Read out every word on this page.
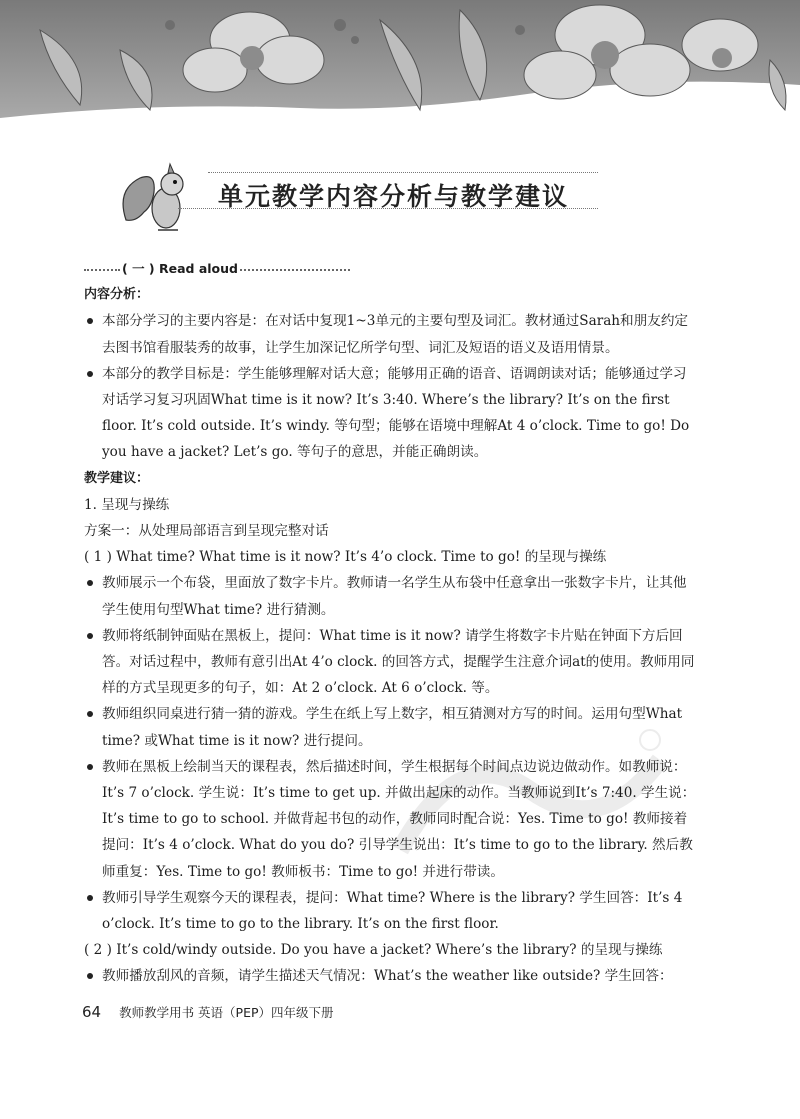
单元教学内容分析与教学建议
( 一 ) Read aloud
内容分析：
本部分学习的主要内容是：在对话中复现1~3单元的主要句型及词汇。教材通过Sarah和朋友约定去图书馆看服装秀的故事，让学生加深记忆所学句型、词汇及短语的语义及语用情景。
本部分的教学目标是：学生能够理解对话大意；能够用正确的语音、语调朗读对话；能够通过学习对话学习复习巩固What time is it now? It’s 3:40. Where’s the library? It’s on the first floor. It’s cold outside. It’s windy. 等句型；能够在语境中理解At 4 o’clock. Time to go! Do you have a jacket? Let’s go. 等句子的意思，并能正确朗读。
教学建议：
1. 呈现与操练
方案一：从处理局部语言到呈现完整对话
( 1 ) What time? What time is it now? It’s 4’o clock. Time to go! 的呈现与操练
教师展示一个布袋，里面放了数字卡片。教师请一名学生从布袋中任意拿出一张数字卡片，让其他学生使用句型What time? 进行猜测。
教师将纸制钟面贴在黑板上，提问：What time is it now? 请学生将数字卡片贴在钟面下方后回答。对话过程中，教师有意引出At 4’o clock. 的回答方式，提醒学生注意介词at的使用。教师用同样的方式呈现更多的句子，如：At 2 o’clock. At 6 o’clock. 等。
教师组织同桌进行猜一猜的游戏。学生在纸上写上数字，相互猜测对方写的时间。运用句型What time? 或What time is it now? 进行提问。
教师在黑板上绘制当天的课程表，然后描述时间，学生根据每个时间点边说边做动作。如教师说：It’s 7 o’clock. 学生说：It’s time to get up. 并做出起床的动作。当教师说到It’s 7:40. 学生说：It’s time to go to school. 并做背起书包的动作，教师同时配合说：Yes. Time to go! 教师接着提问：It’s 4 o’clock. What do you do? 引导学生说出：It’s time to go to the library. 然后教师重复：Yes. Time to go! 教师板书：Time to go! 并进行带读。
教师引导学生观察今天的课程表，提问：What time? Where is the library? 学生回答：It’s 4 o’clock. It’s time to go to the library. It’s on the first floor.
( 2 ) It’s cold/windy outside. Do you have a jacket? Where’s the library? 的呈现与操练
教师播放刮风的音频，请学生描述天气情况：What’s the weather like outside? 学生回答：
64 教师教学用书 英语（PEP）四年级下册
